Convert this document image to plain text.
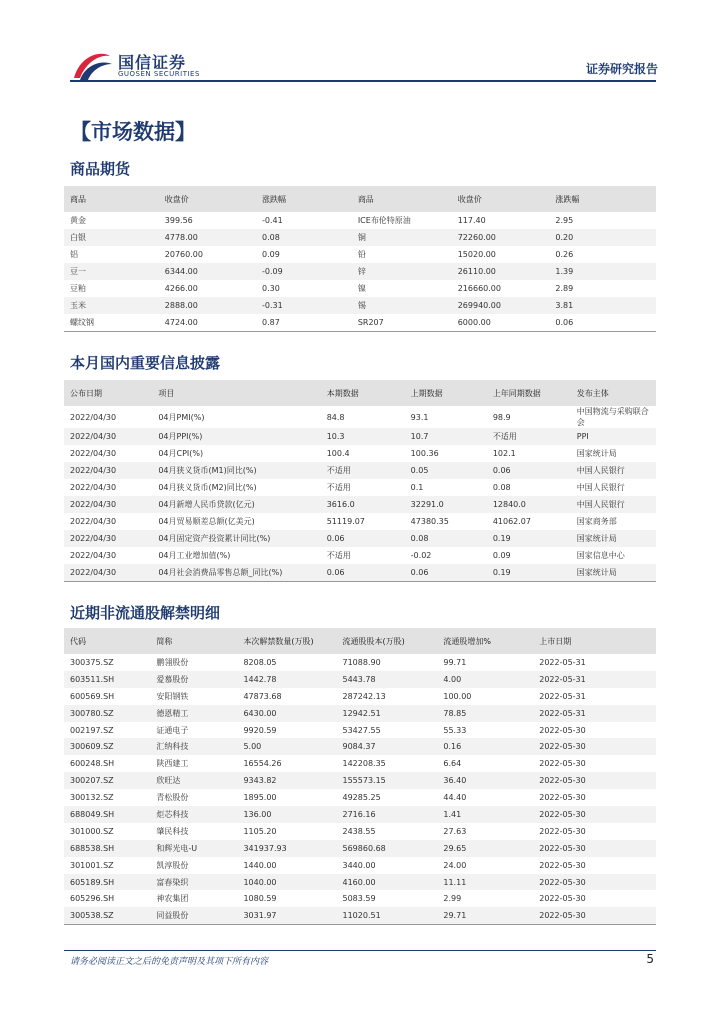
国信证券
GUOSEN SECURITIES	证券研究报告
【市场数据】
商品期货
商品	收盘价	涨跌幅	商品	收盘价	涨跌幅
黄金	399.56	-0.41	ICE布伦特原油	117.40	2.95
白银	4778.00	0.08	铜	72260.00	0.20
铝	20760.00	0.09	铅	15020.00	0.26
豆一	6344.00	-0.09	锌	26110.00	1.39
豆粕	4266.00	0.30	镍	216660.00	2.89
玉米	2888.00	-0.31	锡	269940.00	3.81
螺纹钢	4724.00	0.87	SR207	6000.00	0.06
本月国内重要信息披露
公布日期	项目	本期数据	上期数据	上年同期数据	发布主体
2022/04/30	04月PMI(%)	84.8	93.1	98.9	中国物流与采购联合会
2022/04/30	04月PPI(%)	10.3	10.7	不适用	PPI
2022/04/30	04月CPI(%)	100.4	100.36	102.1	国家统计局
2022/04/30	04月狭义货币(M1)同比(%)	不适用	0.05	0.06	中国人民银行
2022/04/30	04月狭义货币(M2)同比(%)	不适用	0.1	0.08	中国人民银行
2022/04/30	04月新增人民币贷款(亿元)	3616.0	32291.0	12840.0	中国人民银行
2022/04/30	04月贸易顺差总额(亿美元)	51119.07	47380.35	41062.07	国家商务部
2022/04/30	04月固定资产投资累计同比(%)	0.06	0.08	0.19	国家统计局
2022/04/30	04月工业增加值(%)	不适用	-0.02	0.09	国家信息中心
2022/04/30	04月社会消费品零售总额_同比(%)	0.06	0.06	0.19	国家统计局
近期非流通股解禁明细
代码	简称	本次解禁数量(万股)	流通股股本(万股)	流通股增加%	上市日期
300375.SZ	鹏翎股份	8208.05	71088.90	99.71	2022-05-31
603511.SH	爱慕股份	1442.78	5443.78	4.00	2022-05-31
600569.SH	安阳钢铁	47873.68	287242.13	100.00	2022-05-31
300780.SZ	德恩精工	6430.00	12942.51	78.85	2022-05-31
002197.SZ	证通电子	9920.59	53427.55	55.33	2022-05-30
300609.SZ	汇纳科技	5.00	9084.37	0.16	2022-05-30
600248.SH	陕西建工	16554.26	142208.35	6.64	2022-05-30
300207.SZ	欣旺达	9343.82	155573.15	36.40	2022-05-30
300132.SZ	青松股份	1895.00	49285.25	44.40	2022-05-30
688049.SH	炬芯科技	136.00	2716.16	1.41	2022-05-30
301000.SZ	肇民科技	1105.20	2438.55	27.63	2022-05-30
688538.SH	和辉光电-U	341937.93	569860.68	29.65	2022-05-30
301001.SZ	凯淳股份	1440.00	3440.00	24.00	2022-05-30
605189.SH	富春染织	1040.00	4160.00	11.11	2022-05-30
605296.SH	神农集团	1080.59	5083.59	2.99	2022-05-30
300538.SZ	同益股份	3031.97	11020.51	29.71	2022-05-30
请务必阅读正文之后的免责声明及其项下所有内容	5
